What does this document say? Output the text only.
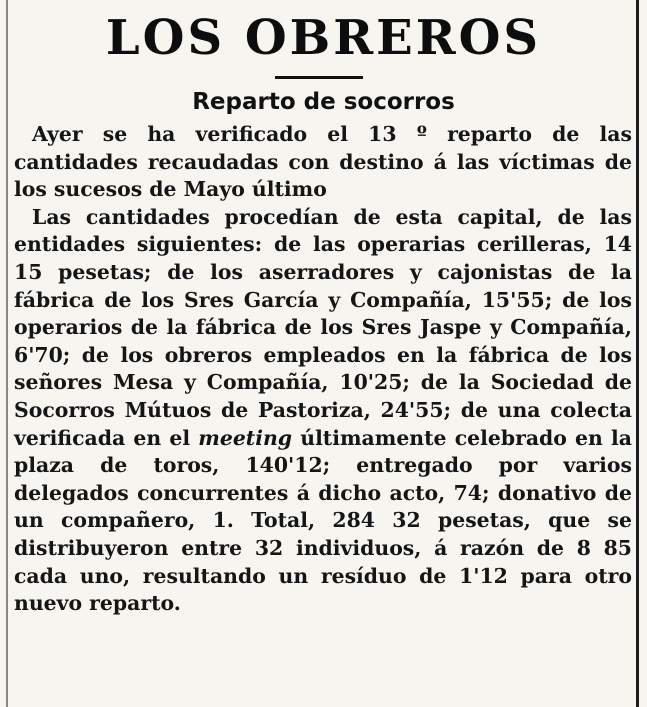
LOS OBREROS
Reparto de socorros

Ayer se ha verificado el 13 º reparto de las cantidades recaudadas con destino á las víctimas de los sucesos de Mayo último

Las cantidades procedían de esta capital, de las entidades siguientes: de las operarias cerilleras, 14 15 pesetas; de los aserradores y cajonistas de la fábrica de los Sres García y Compañía, 15'55; de los operarios de la fábrica de los Sres Jaspe y Compañía, 6'70; de los obreros empleados en la fábrica de los señores Mesa y Compañía, 10'25; de la Sociedad de Socorros Mútuos de Pastoriza, 24'55; de una colecta verificada en el meeting últimamente celebrado en la plaza de toros, 140'12; entregado por varios delegados concurrentes á dicho acto, 74; donativo de un compañero, 1. Total, 284 32 pesetas, que se distribuyeron entre 32 individuos, á razón de 8 85 cada uno, resultando un resíduo de 1'12 para otro nuevo reparto.
